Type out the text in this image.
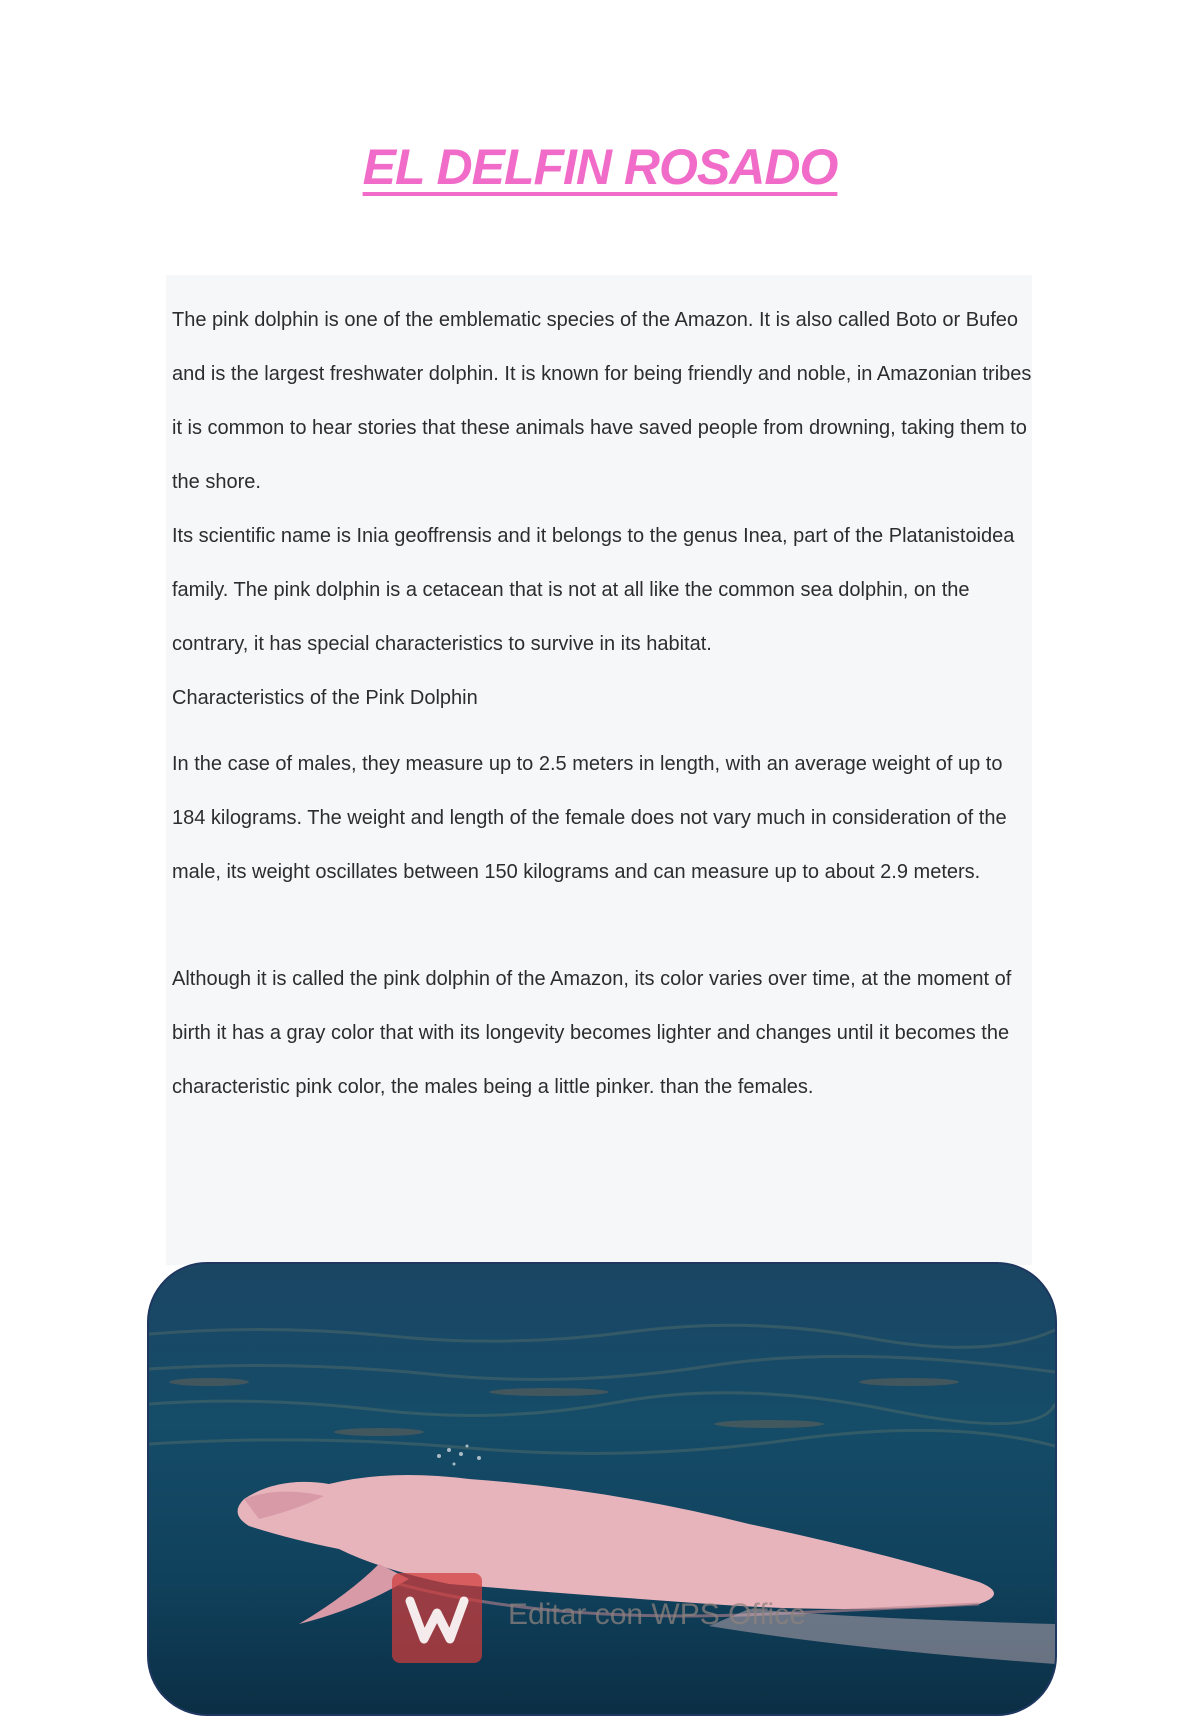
EL DELFIN ROSADO

The pink dolphin is one of the emblematic species of the Amazon. It is also called Boto or Bufeo and is the largest freshwater dolphin. It is known for being friendly and noble, in Amazonian tribes it is common to hear stories that these animals have saved people from drowning, taking them to the shore.

Its scientific name is Inia geoffrensis and it belongs to the genus Inea, part of the Platanistoidea family. The pink dolphin is a cetacean that is not at all like the common sea dolphin, on the contrary, it has special characteristics to survive in its habitat.

Characteristics of the Pink Dolphin

In the case of males, they measure up to 2.5 meters in length, with an average weight of up to 184 kilograms. The weight and length of the female does not vary much in consideration of the male, its weight oscillates between 150 kilograms and can measure up to about 2.9 meters.

Although it is called the pink dolphin of the Amazon, its color varies over time, at the moment of birth it has a gray color that with its longevity becomes lighter and changes until it becomes the characteristic pink color, the males being a little pinker. than the females.

Editar con WPS Office
